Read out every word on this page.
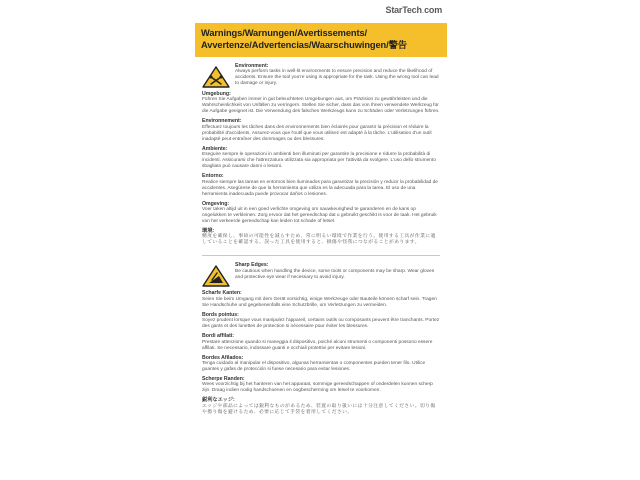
StarTech.com
Warnings/Warnungen/Avertissements/
Avvertenze/Advertencias/Waarschuwingen/警告
Environment:
Always perform tasks in well-lit environments to ensure precision and reduce the likelihood of accidents. Ensure the tool you're using is appropriate for the task. Using the wrong tool can lead to damage or injury.
Umgebung:
Führen Sie Aufgaben immer in gut beleuchteten Umgebungen aus, um Präzision zu gewährleisten und die Wahrscheinlichkeit von Unfällen zu verringern. Stellen Sie sicher, dass das von Ihnen verwendete Werkzeug für die Aufgabe geeignet ist. Die Verwendung des falschen Werkzeugs kann zu Schäden oder Verletzungen führen.
Environnement:
Effectuez toujours les tâches dans des environnements bien éclairés pour garantir la précision et réduire la probabilité d'accidents. Assurez-vous que l'outil que vous utilisez est adapté à la tâche. L'utilisation d'un outil inadapté peut entraîner des dommages ou des blessures.
Ambiente:
Eseguire sempre le operazioni in ambienti ben illuminati per garantire la precisione e ridurre la probabilità di incidenti. Assicurarsi che l'attrezzatura utilizzata sia appropriata per l'attività da svolgere. L'uso dello strumento sbagliato può causare danni o lesioni.
Entorno:
Realice siempre las tareas en entornos bien iluminados para garantizar la precisión y reducir la probabilidad de accidentes. Asegúrese de que la herramienta que utiliza es la adecuada para la tarea. El uso de una herramienta inadecuada puede provocar daños o lesiones.
Omgeving:
Voer taken altijd uit in een goed verlichte omgeving om nauwkeurigheid te garanderen en de kans op ongelukken te verkleinen. Zorg ervoor dat het gereedschap dat u gebruikt geschikt is voor de taak. Het gebruik van het verkeerde gereedschap kan leiden tot schade of letsel.
環境:
精度を確保し、事故の可能性を減らすため、常に明るい環境で作業を行う。使用する工具が作業に適していることを確認する。誤った工具を使用すると、損傷や怪我につながることがあります。
Sharp Edges:
Be cautious when handling the device, some tools or components may be sharp. Wear gloves and protective eye wear if necessary to avoid injury.
Scharfe Kanten:
Seien Sie beim Umgang mit dem Gerät vorsichtig, einige Werkzeuge oder Bauteile können scharf sein. Tragen Sie Handschuhe und gegebenenfalls eine Schutzbrille, um Verletzungen zu vermeiden.
Bords pointus:
Soyez prudent lorsque vous manipulez l'appareil, certains outils ou composants peuvent être tranchants. Portez des gants et des lunettes de protection si nécessaire pour éviter les blessures.
Bordi affilati:
Prestare attenzione quando si maneggia il dispositivo, poiché alcuni strumenti o componenti possono essere affilati. Se necessario, indossare guanti e occhiali protettivi per evitare lesioni.
Bordes Afilados:
Tenga cuidado al manipular el dispositivo, algunas herramientas o componentes pueden tener filo. Utilice guantes y gafas de protección si fuese necesario para evitar lesiones.
Scherpe Randen:
Wees voorzichtig bij het hanteren van het apparaat, sommige gereedschappen of onderdelen kunnen scherp zijn. Draag indien nodig handschoenen en oogbescherming om letsel te voorkomen.
鋭利なエッジ:
エッジや部品によっては鋭利なものがあるため、装置の取り扱いには十分注意してください。切り傷や擦り傷を避けるため、必要に応じて手袋を着用してください。
